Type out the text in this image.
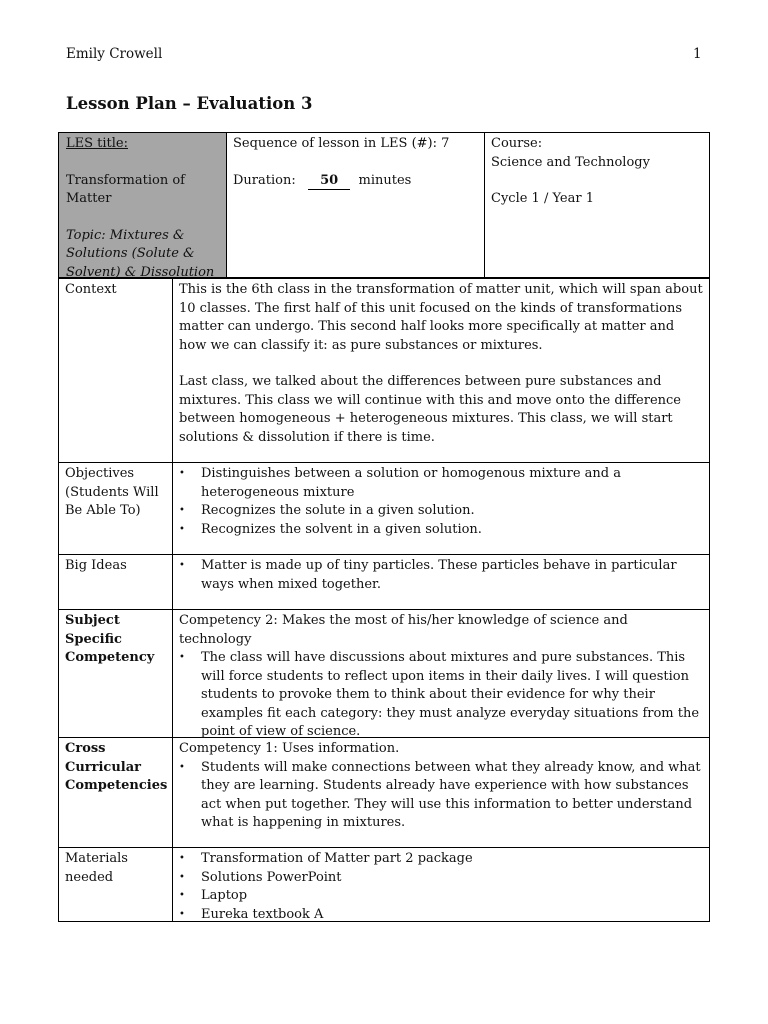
Emily Crowell	1
Lesson Plan – Evaluation 3
LES title:
Transformation of
Matter
Topic: Mixtures &
Solutions (Solute &
Solvent) & Dissolution
Sequence of lesson in LES (#): 7
Duration: 50 minutes
Course:
Science and Technology
Cycle 1 / Year 1
Context	This is the 6th class in the transformation of matter unit, which will span about 10 classes. The first half of this unit focused on the kinds of transformations matter can undergo. This second half looks more specifically at matter and how we can classify it: as pure substances or mixtures.

Last class, we talked about the differences between pure substances and mixtures. This class we will continue with this and move onto the difference between homogeneous + heterogeneous mixtures. This class, we will start solutions & dissolution if there is time.

Objectives
(Students Will
Be Able To)
• Distinguishes between a solution or homogenous mixture and a heterogeneous mixture
• Recognizes the solute in a given solution.
• Recognizes the solvent in a given solution.
Big Ideas
•	Matter is made up of tiny particles. These particles behave in particular ways when mixed together.
Subject
Specific
Competency

Competency 2: Makes the most of his/her knowledge of science and technology

• The class will have discussions about mixtures and pure substances. This will force students to reflect upon items in their daily lives. I will question students to provoke them to think about their evidence for why their examples fit each category: they must analyze everyday situations from the point of view of science.
Cross
Curricular
Competencies

Competency 1: Uses information.

• Students will make connections between what they already know, and what they are learning. Students already have experience with how substances act when put together. They will use this information to better understand what is happening in mixtures.
Materials
needed
• Transformation of Matter part 2 package
• Solutions PowerPoint
• Laptop
• Eureka textbook A
